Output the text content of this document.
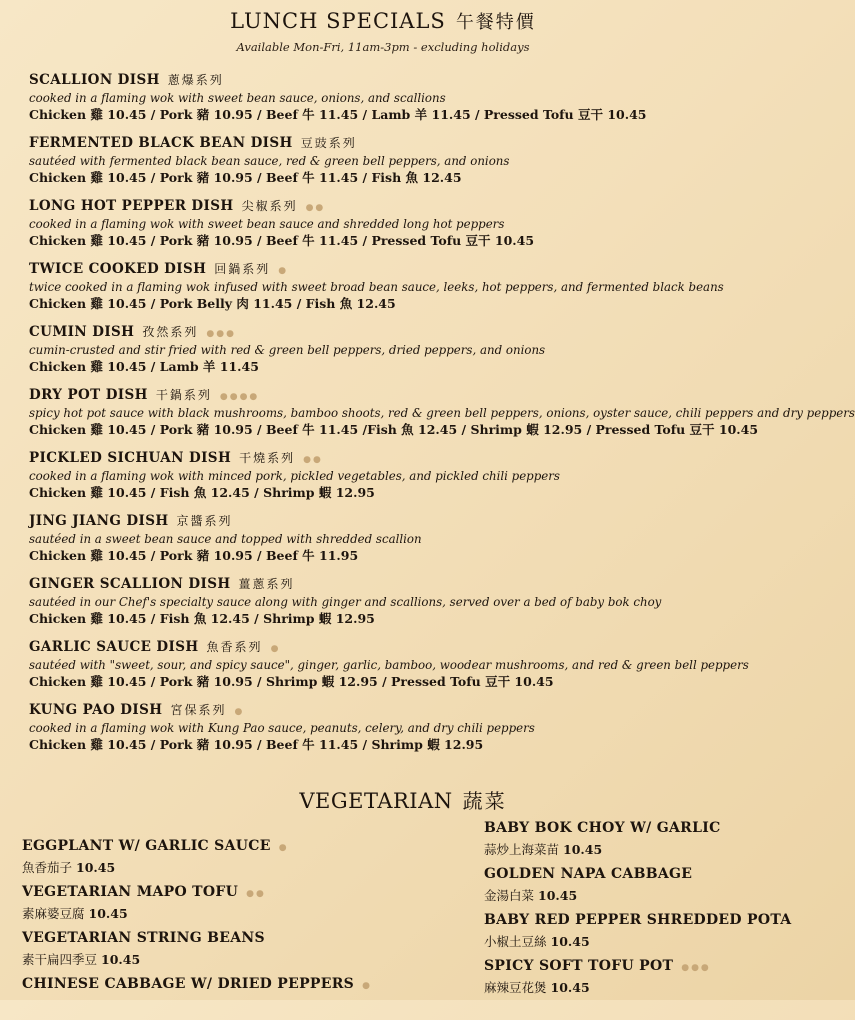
LUNCH SPECIALS 午餐特價
Available Mon-Fri, 11am-3pm - excluding holidays
SCALLION DISH 蔥爆系列
cooked in a flaming wok with sweet bean sauce, onions, and scallions
Chicken 雞 10.45 / Pork 豬 10.95 / Beef 牛 11.45 / Lamb 羊 11.45 / Pressed Tofu 豆干 10.45
FERMENTED BLACK BEAN DISH 豆豉系列
sautéed with fermented black bean sauce, red & green bell peppers, and onions
Chicken 雞 10.45 / Pork 豬 10.95 / Beef 牛 11.45 / Fish 魚 12.45
LONG HOT PEPPER DISH 尖椒系列 ●●
cooked in a flaming wok with sweet bean sauce and shredded long hot peppers
Chicken 雞 10.45 / Pork 豬 10.95 / Beef 牛 11.45 / Pressed Tofu 豆干 10.45
TWICE COOKED DISH 回鍋系列 ●
twice cooked in a flaming wok infused with sweet broad bean sauce, leeks, hot peppers, and fermented black beans
Chicken 雞 10.45 / Pork Belly 肉 11.45 / Fish 魚 12.45
CUMIN DISH 孜然系列 ●●●
cumin-crusted and stir fried with red & green bell peppers, dried peppers, and onions
Chicken 雞 10.45 / Lamb 羊 11.45
DRY POT DISH 干鍋系列 ●●●●
spicy hot pot sauce with black mushrooms, bamboo shoots, red & green bell peppers, onions, oyster sauce, chili peppers and dry peppers
Chicken 雞 10.45 / Pork 豬 10.95 / Beef 牛 11.45 /Fish 魚 12.45 / Shrimp 蝦 12.95 / Pressed Tofu 豆干 10.45
PICKLED SICHUAN DISH 干燒系列 ●●
cooked in a flaming wok with minced pork, pickled vegetables, and pickled chili peppers
Chicken 雞 10.45 / Fish 魚 12.45 / Shrimp 蝦 12.95
JING JIANG DISH 京醬系列
sautéed in a sweet bean sauce and topped with shredded scallion
Chicken 雞 10.45 / Pork 豬 10.95 / Beef 牛 11.95
GINGER SCALLION DISH 薑蔥系列
sautéed in our Chef's specialty sauce along with ginger and scallions, served over a bed of baby bok choy
Chicken 雞 10.45 / Fish 魚 12.45 / Shrimp 蝦 12.95
GARLIC SAUCE DISH 魚香系列 ●
sautéed with "sweet, sour, and spicy sauce", ginger, garlic, bamboo, woodear mushrooms, and red & green bell peppers
Chicken 雞 10.45 / Pork 豬 10.95 / Shrimp 蝦 12.95 / Pressed Tofu 豆干 10.45
KUNG PAO DISH 宮保系列 ●
cooked in a flaming wok with Kung Pao sauce, peanuts, celery, and dry chili peppers
Chicken 雞 10.45 / Pork 豬 10.95 / Beef 牛 11.45 / Shrimp 蝦 12.95
VEGETARIAN 蔬菜
EGGPLANT W/ GARLIC SAUCE ●
魚香茄子 10.45
VEGETARIAN MAPO TOFU ●●
素麻婆豆腐 10.45
VEGETARIAN STRING BEANS
素干扁四季豆 10.45
CHINESE CABBAGE W/ DRIED PEPPERS ●
BABY BOK CHOY W/ GARLIC
蒜炒上海菜苗 10.45
GOLDEN NAPA CABBAGE
金湯白菜 10.45
BABY RED PEPPER SHREDDED POTA
小椒土豆絲 10.45
SPICY SOFT TOFU POT ●●●
麻辣豆花煲 10.45
